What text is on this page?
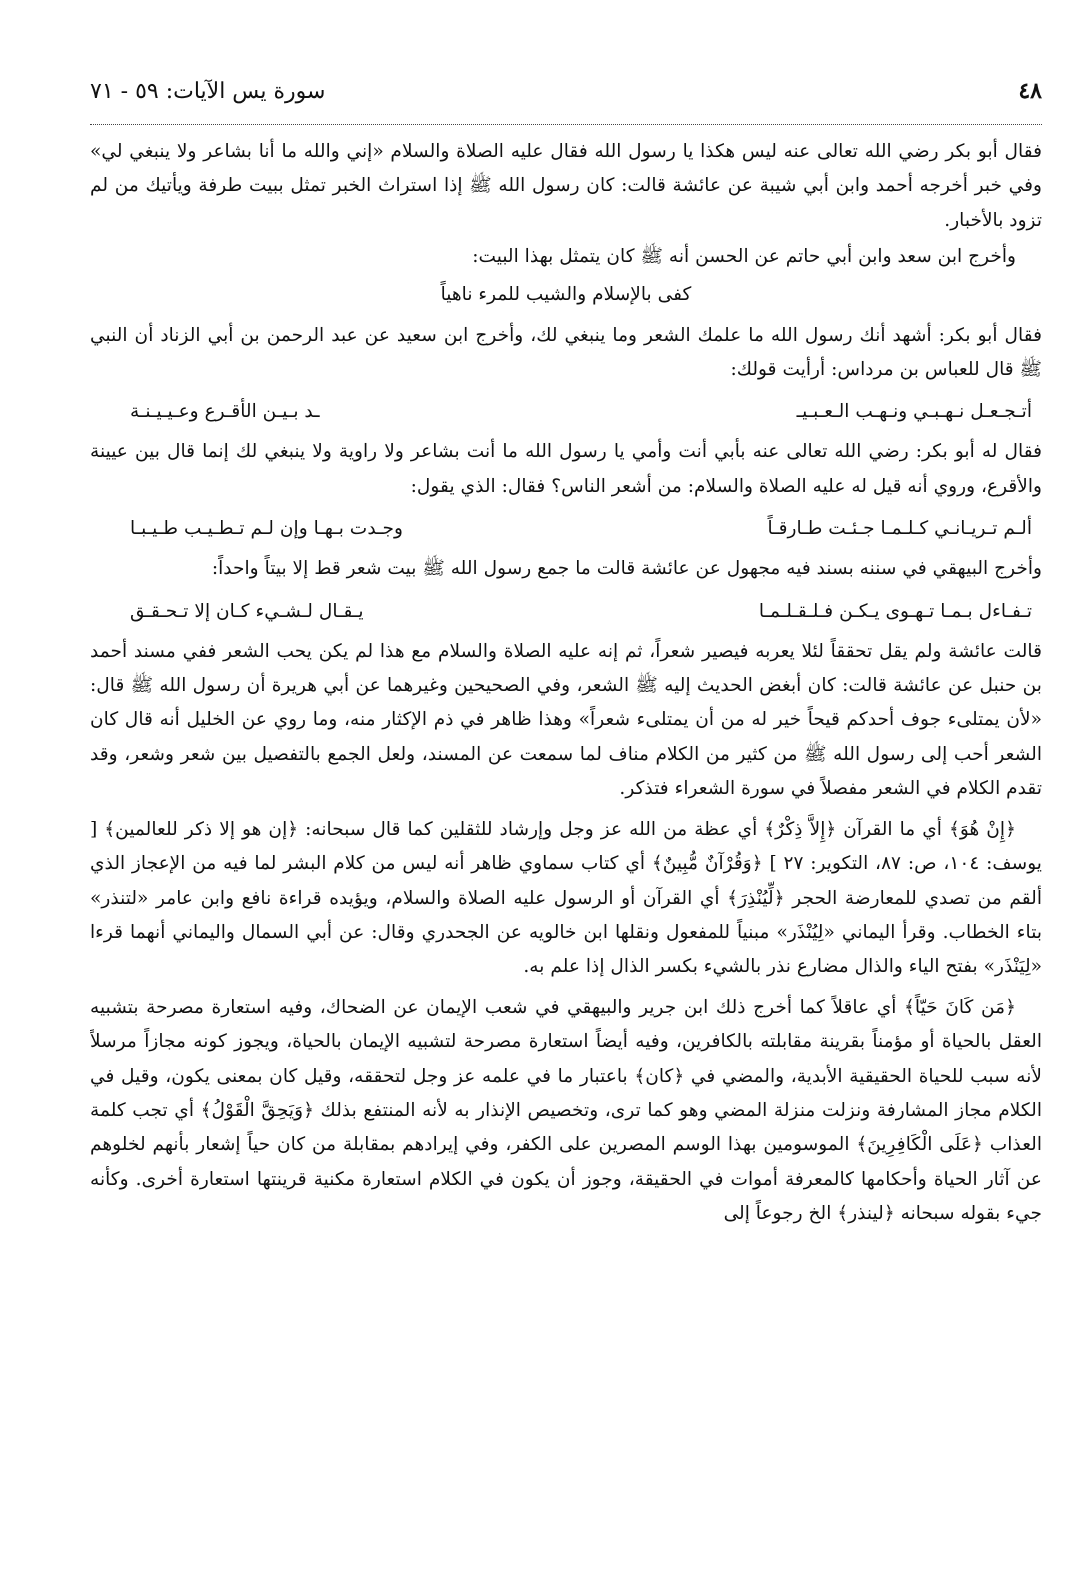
٤٨
سورة يس الآيات: ٥٩ - ٧١

فقال أبو بكر رضي الله تعالى عنه ليس هكذا يا رسول الله فقال عليه الصلاة والسلام «إني والله ما أنا بشاعر ولا ينبغي لي» وفي خبر أخرجه أحمد وابن أبي شيبة عن عائشة قالت: كان رسول الله ﷺ إذا استراث الخبر تمثل ببيت طرفة ويأتيك من لم تزود بالأخبار.

وأخرج ابن سعد وابن أبي حاتم عن الحسن أنه ﷺ كان يتمثل بهذا البيت:

كفى بالإسلام والشيب للمرء ناهياً

فقال أبو بكر: أشهد أنك رسول الله ما علمك الشعر وما ينبغي لك، وأخرج ابن سعيد عن عبد الرحمن بن أبي الزناد أن النبي ﷺ قال للعباس بن مرداس: أرأيت قولك:

أتـجـعـل نـهـبـي ونـهـب الـعـبـيـ
ـد بـيـن الأقـرع وعـيـيـنـة

فقال له أبو بكر: رضي الله تعالى عنه بأبي أنت وأمي يا رسول الله ما أنت بشاعر ولا راوية ولا ينبغي لك إنما قال بين عيينة والأقرع، وروي أنه قيل له عليه الصلاة والسلام: من أشعر الناس؟ فقال: الذي يقول:

ألـم تـريـانـي كـلـمـا جـئـت طـارقـاً
وجـدت بـهـا وإن لـم تـطـيـب طـيـبـا

وأخرج البيهقي في سننه بسند فيه مجهول عن عائشة قالت ما جمع رسول الله ﷺ بيت شعر قط إلا بيتاً واحداً:

تـفـاءل بـمـا تـهـوى يـكـن فـلـقـلـمـا
يـقـال لـشـيء كـان إلا تـحـقـق

قالت عائشة ولم يقل تحققاً لئلا يعربه فيصير شعراً، ثم إنه عليه الصلاة والسلام مع هذا لم يكن يحب الشعر ففي مسند أحمد بن حنبل عن عائشة قالت: كان أبغض الحديث إليه ﷺ الشعر، وفي الصحيحين وغيرهما عن أبي هريرة أن رسول الله ﷺ قال: «لأن يمتلىء جوف أحدكم قيحاً خير له من أن يمتلىء شعراً» وهذا ظاهر في ذم الإكثار منه، وما روي عن الخليل أنه قال كان الشعر أحب إلى رسول الله ﷺ من كثير من الكلام مناف لما سمعت عن المسند، ولعل الجمع بالتفصيل بين شعر وشعر، وقد تقدم الكلام في الشعر مفصلاً في سورة الشعراء فتذكر.

﴿إِنْ هُوَ﴾ أي ما القرآن ﴿إِلاَّ ذِكْرٌ﴾ أي عظة من الله عز وجل وإرشاد للثقلين كما قال سبحانه: ﴿إن هو إلا ذكر للعالمين﴾ [ يوسف: ١٠٤، ص: ٨٧، التكوير: ٢٧ ] ﴿وَقُرْآنٌ مُّبِينٌ﴾ أي كتاب سماوي ظاهر أنه ليس من كلام البشر لما فيه من الإعجاز الذي ألقم من تصدي للمعارضة الحجر ﴿لِّيُنْذِرَ﴾ أي القرآن أو الرسول عليه الصلاة والسلام، ويؤيده قراءة نافع وابن عامر «لتنذر» بتاء الخطاب. وقرأ اليماني «لِيُنْذَر» مبنياً للمفعول ونقلها ابن خالويه عن الجحدري وقال: عن أبي السمال واليماني أنهما قرءا «لِيَنْذَر» بفتح الياء والذال مضارع نذر بالشيء بكسر الذال إذا علم به.

﴿مَن كَانَ حَيّاً﴾ أي عاقلاً كما أخرج ذلك ابن جرير والبيهقي في شعب الإيمان عن الضحاك، وفيه استعارة مصرحة بتشبيه العقل بالحياة أو مؤمناً بقرينة مقابلته بالكافرين، وفيه أيضاً استعارة مصرحة لتشبيه الإيمان بالحياة، ويجوز كونه مجازاً مرسلاً لأنه سبب للحياة الحقيقية الأبدية، والمضي في ﴿كان﴾ باعتبار ما في علمه عز وجل لتحققه، وقيل كان بمعنى يكون، وقيل في الكلام مجاز المشارفة ونزلت منزلة المضي وهو كما ترى، وتخصيص الإنذار به لأنه المنتفع بذلك ﴿وَيَحِقَّ الْقَوْلُ﴾ أي تجب كلمة العذاب ﴿عَلَى الْكَافِرِينَ﴾ الموسومين بهذا الوسم المصرين على الكفر، وفي إيرادهم بمقابلة من كان حياً إشعار بأنهم لخلوهم عن آثار الحياة وأحكامها كالمعرفة أموات في الحقيقة، وجوز أن يكون في الكلام استعارة مكنية قرينتها استعارة أخرى. وكأنه جيء بقوله سبحانه ﴿لينذر﴾ الخ رجوعاً إلى
